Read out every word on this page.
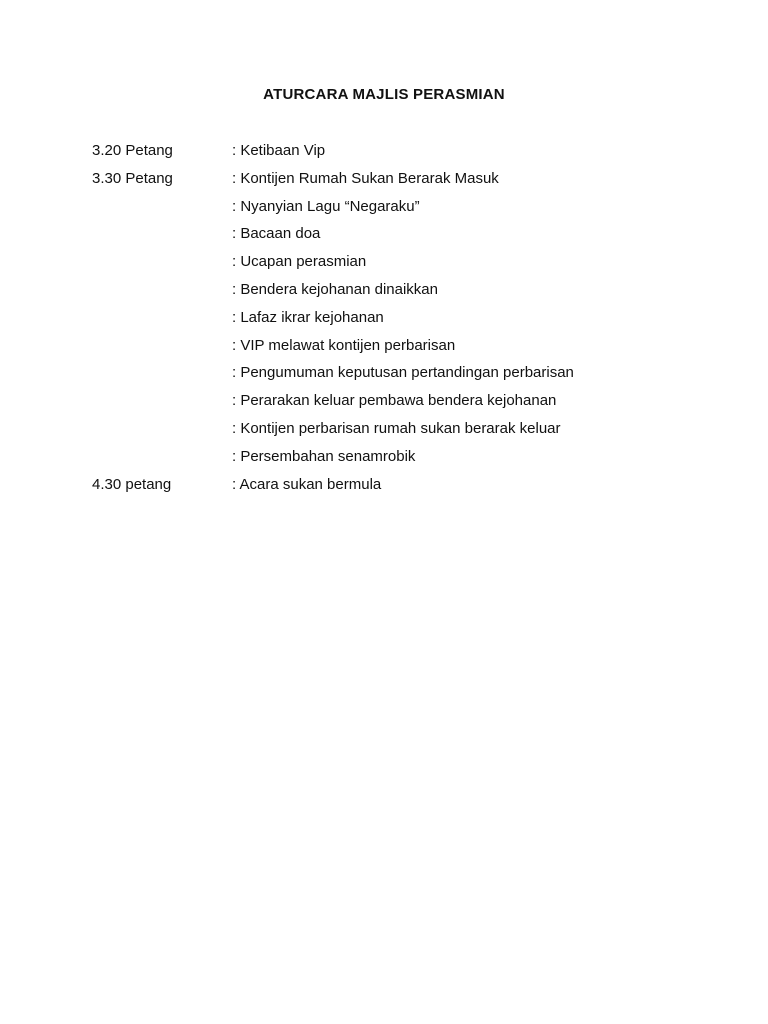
ATURCARA MAJLIS PERASMIAN
3.20 Petang	: Ketibaan Vip
3.30 Petang	: Kontijen Rumah Sukan Berarak Masuk
: Nyanyian Lagu “Negaraku”
: Bacaan doa
: Ucapan perasmian
: Bendera kejohanan dinaikkan
: Lafaz ikrar kejohanan
: VIP melawat kontijen perbarisan
: Pengumuman keputusan pertandingan perbarisan
: Perarakan keluar pembawa bendera kejohanan
: Kontijen perbarisan rumah sukan berarak keluar
: Persembahan senamrobik
4.30 petang	: Acara sukan bermula
